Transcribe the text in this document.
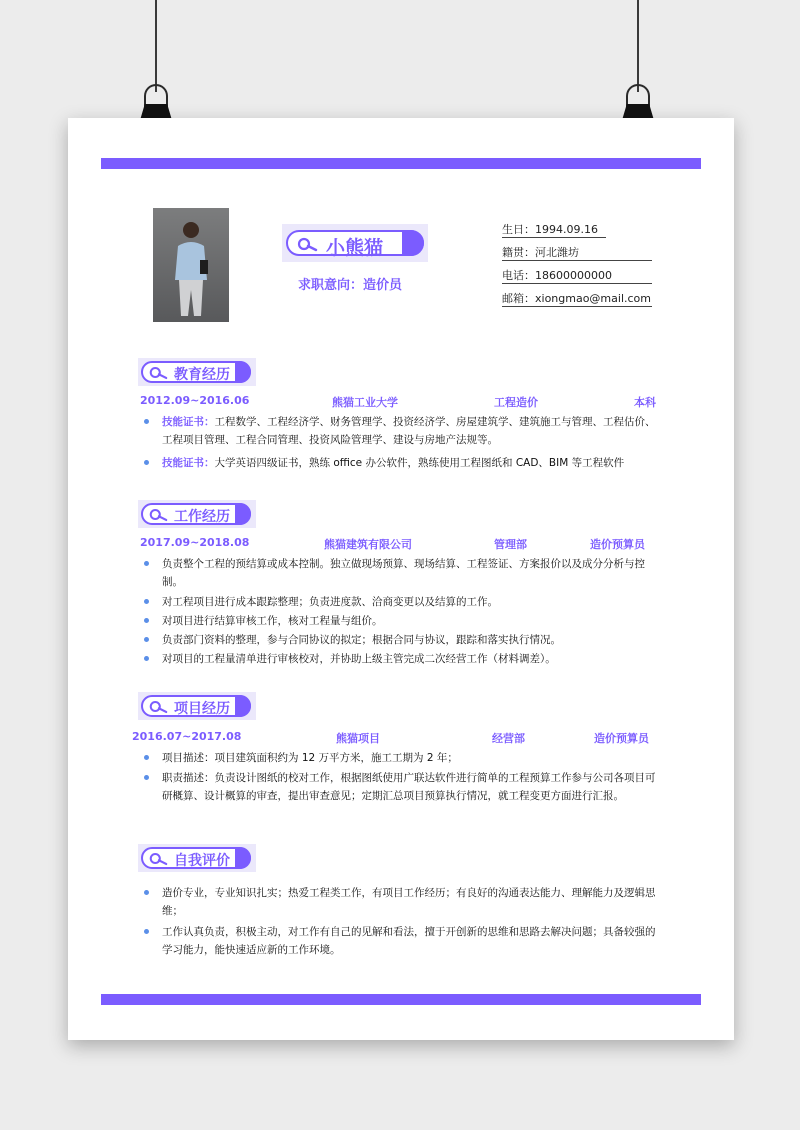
小熊猫
求职意向：造价员
生日：1994.09.16
籍贯：河北潍坊
电话：18600000000
邮箱：xiongmao@mail.com
教育经历
2012.09~2016.06	熊猫工业大学	工程造价	本科
技能证书：工程数学、工程经济学、财务管理学、投资经济学、房屋建筑学、建筑施工与管理、工程估价、工程项目管理、工程合同管理、投资风险管理学、建设与房地产法规等。
技能证书：大学英语四级证书，熟练 office 办公软件，熟练使用工程图纸和 CAD、BIM 等工程软件
工作经历
2017.09~2018.08	熊猫建筑有限公司	管理部	造价预算员
负责整个工程的预结算或成本控制。独立做现场预算、现场结算、工程签证、方案报价以及成分分析与控制。
对工程项目进行成本跟踪整理；负责进度款、洽商变更以及结算的工作。
对项目进行结算审核工作，核对工程量与组价。
负责部门资料的整理，参与合同协议的拟定；根据合同与协议，跟踪和落实执行情况。
对项目的工程量清单进行审核校对，并协助上级主管完成二次经营工作（材料调差）。
项目经历
2016.07~2017.08	熊猫项目	经营部	造价预算员
项目描述：项目建筑面积约为 12 万平方米，施工工期为 2 年；
职责描述：负责设计图纸的校对工作，根据图纸使用广联达软件进行简单的工程预算工作参与公司各项目可研概算、设计概算的审查，提出审查意见；定期汇总项目预算执行情况，就工程变更方面进行汇报。
自我评价
造价专业，专业知识扎实；热爱工程类工作，有项目工作经历；有良好的沟通表达能力、理解能力及逻辑思维；
工作认真负责，积极主动，对工作有自己的见解和看法，擅于开创新的思维和思路去解决问题；具备较强的学习能力，能快速适应新的工作环境。
